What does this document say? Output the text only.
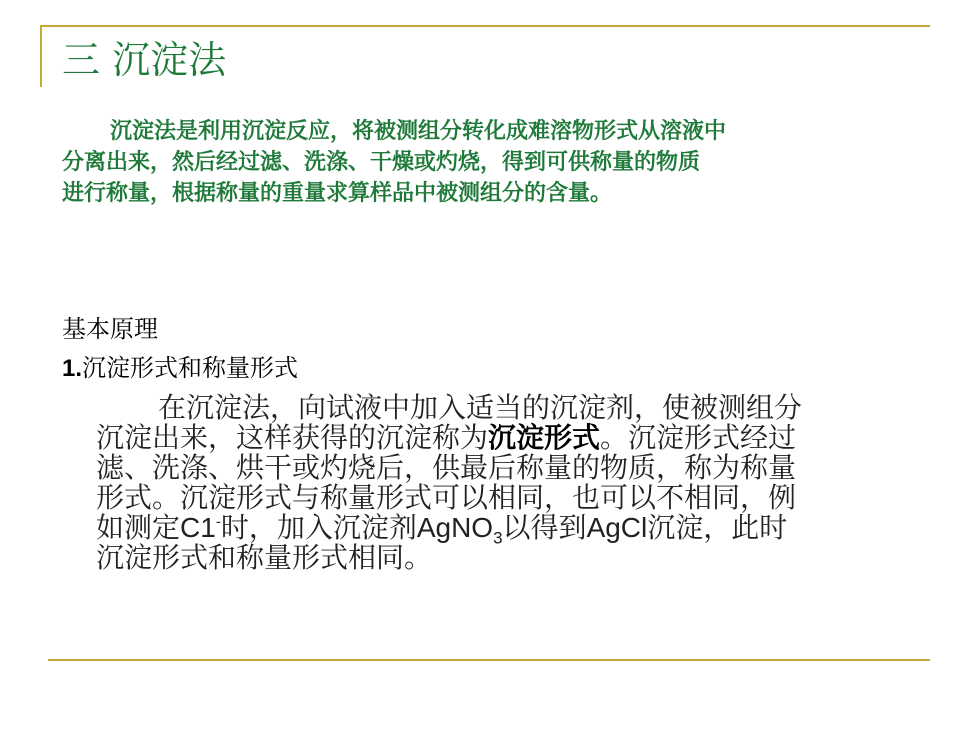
三 沉淀法

沉淀法是利用沉淀反应，将被测组分转化成难溶物形式从溶液中

分离出来，然后经过滤、洗涤、干燥或灼烧，得到可供称量的物质

进行称量，根据称量的重量求算样品中被测组分的含量。

基本原理
1.沉淀形式和称量形式

在沉淀法，向试液中加入适当的沉淀剂，使被测组分

沉淀出来，这样获得的沉淀称为沉淀形式。沉淀形式经过

滤、洗涤、烘干或灼烧后，供最后称量的物质，称为称量

形式。沉淀形式与称量形式可以相同，也可以不相同，例

如测定C1-时，加入沉淀剂AgNO$_3$以得到AgCl沉淀，此时

沉淀形式和称量形式相同。
